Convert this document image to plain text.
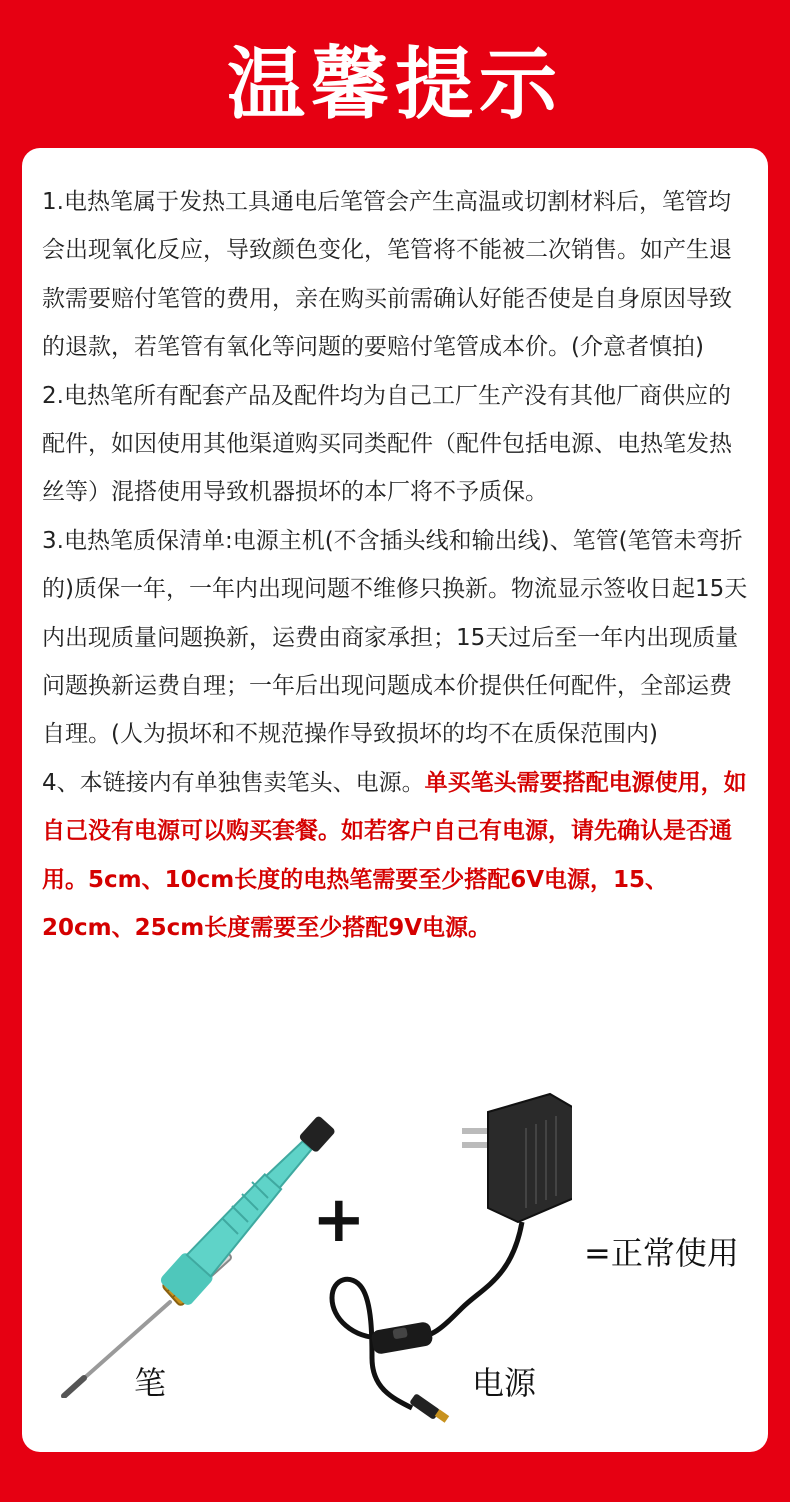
温馨提示

1.电热笔属于发热工具通电后笔管会产生高温或切割材料后，笔管均会出现氧化反应，导致颜色变化，笔管将不能被二次销售。如产生退款需要赔付笔管的费用，亲在购买前需确认好能否使是自身原因导致的退款，若笔管有氧化等问题的要赔付笔管成本价。(介意者慎拍)

2.电热笔所有配套产品及配件均为自己工厂生产没有其他厂商供应的配件，如因使用其他渠道购买同类配件（配件包括电源、电热笔发热丝等）混搭使用导致机器损坏的本厂将不予质保。

3.电热笔质保清单:电源主机(不含插头线和输出线)、笔管(笔管未弯折的)质保一年，一年内出现问题不维修只换新。物流显示签收日起15天内出现质量问题换新，运费由商家承担；15天过后至一年内出现质量问题换新运费自理；一年后出现问题成本价提供任何配件，全部运费自理。(人为损坏和不规范操作导致损坏的均不在质保范围内)

4、本链接内有单独售卖笔头、电源。单买笔头需要搭配电源使用，如自己没有电源可以购买套餐。如若客户自己有电源，请先确认是否通用。5cm、10cm长度的电热笔需要至少搭配6V电源，15、20cm、25cm长度需要至少搭配9V电源。

笔
+
电源
=正常使用
